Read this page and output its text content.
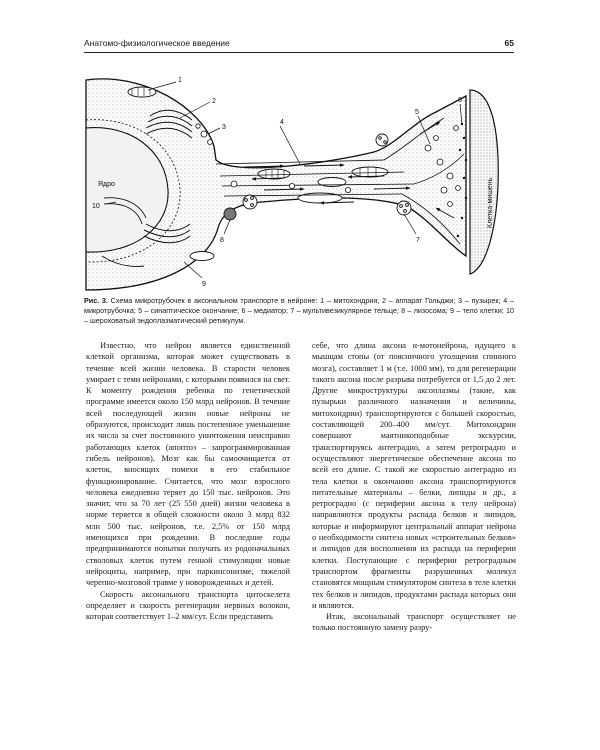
Анатомо-физиологическое введение	65
1
2
3
4
5
6
7
8
9
10
Ядро	Клетка-мишень
Рис. 3. Схема микротрубочек в аксональном транспорте в нейроне: 1 – митохондрия; 2 – аппарат Гольджи; 3 – пузырек; 4 – микротрубочка; 5 – синаптическое окончание; 6 – медиатор; 7 – мультивезикулярное тельце; 8 – лизосома; 9 – тело клетки; 10 – шероховатый эндоплазматический ретикулум.

Известно, что нейрон является единственной клеткой организма, которая может существовать в течение всей жизни человека. В старости человек умирает с теми нейронами, с которыми появился на свет. К моменту рождения ребенка по генетической программе имеется около 150 млрд нейронов. В течение всей последующей жизни новые нейроны не образуются, происходит лишь постепенное уменьшение их числа за счет постоянного уничтожения неисправно работающих клеток (апоптоз – запрограммированная гибель нейронов). Мозг как бы самоочищается от клеток, вносящих помехи в его стабильное функционирование. Считается, что мозг взрослого человека ежедневно теряет до 150 тыс. нейронов. Это значит, что за 70 лет (25 550 дней) жизни человека в норме теряется в общей сложности около 3 млрд 832 млн 500 тыс. нейронов, т.е. 2,5% от 150 млрд имеющихся при рождении. В последние годы предпринимаются попытки получать из родоначальных стволовых клеток путем генной стимуляции новые нейроциты, например, при паркинсонизме, тяжелой черепно-мозговой травме у новорожденных и детей.

Скорость аксонального транспорта цитоскелета определяет и скорость регенерации нервных волокон, которая соответствует 1–2 мм/сут. Если представить

себе, что длина аксона α-мотонейрона, идущего к мышцам стопы (от поясничного утолщения спинного мозга), составляет 1 м (т.е. 1000 мм), то для регенерации такого аксона после разрыва потребуется от 1,5 до 2 лет. Другие микроструктуры аксоплазмы (такие, как пузырьки различного назначения и величины, митохондрии) транспортируются с большей скоростью, составляющей 200–400 мм/сут. Митохондрии совершают маятникоподобные экскурсии, транспортируясь антеградно, а затем ретроградно и осуществляют энергетическое обеспечение аксона по всей его длине. С такой же скоростью антеградно из тела клетки к окончанию аксона транспортируются питательные материалы – белки, липиды и др., а ретроградно (с периферии аксона к телу нейрона) направляются продукты распада белков и липидов, которые и информируют центральный аппарат нейрона о необходимости синтеза новых «строительных белков» и липидов для восполнения их распада на периферии клетки. Поступающие с периферии ретроградным транспортом фрагменты разрушенных молекул становятся мощным стимулятором синтеза в теле клетки тех белков и липидов, продуктами распада которых они и являются.

Итак, аксональный транспорт осуществляет не только постоянную замену разру-
